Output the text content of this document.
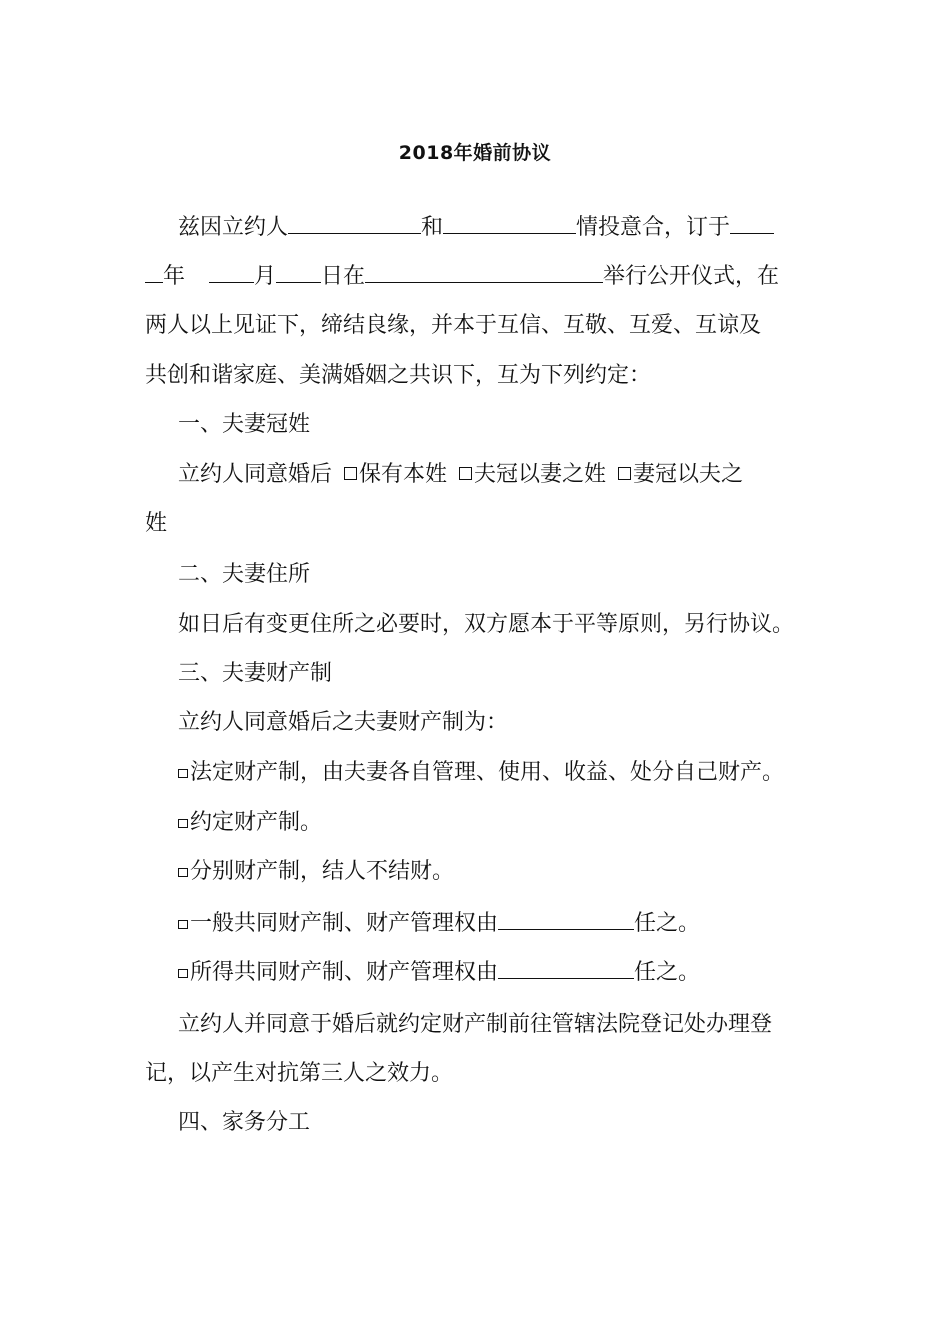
2018年婚前协议
兹因立约人	和	情投意合，订于
年	月 日在	举行公开仪式，在
两人以上见证下，缔结良缘，并本于互信、互敬、互爱、互谅及
共创和谐家庭、美满婚姻之共识下，互为下列约定：
一、夫妻冠姓
立约人同意婚后 保有本姓 夫冠以妻之姓 妻冠以夫之
姓
二、夫妻住所
如日后有变更住所之必要时，双方愿本于平等原则，另行协议。
三、夫妻财产制
立约人同意婚后之夫妻财产制为：
法定财产制，由夫妻各自管理、使用、收益、处分自己财产。
约定财产制。
分别财产制，结人不结财。
一般共同财产制、财产管理权由	任之。
所得共同财产制、财产管理权由	任之。
立约人并同意于婚后就约定财产制前往管辖法院登记处办理登
记，以产生对抗第三人之效力。
四、家务分工
